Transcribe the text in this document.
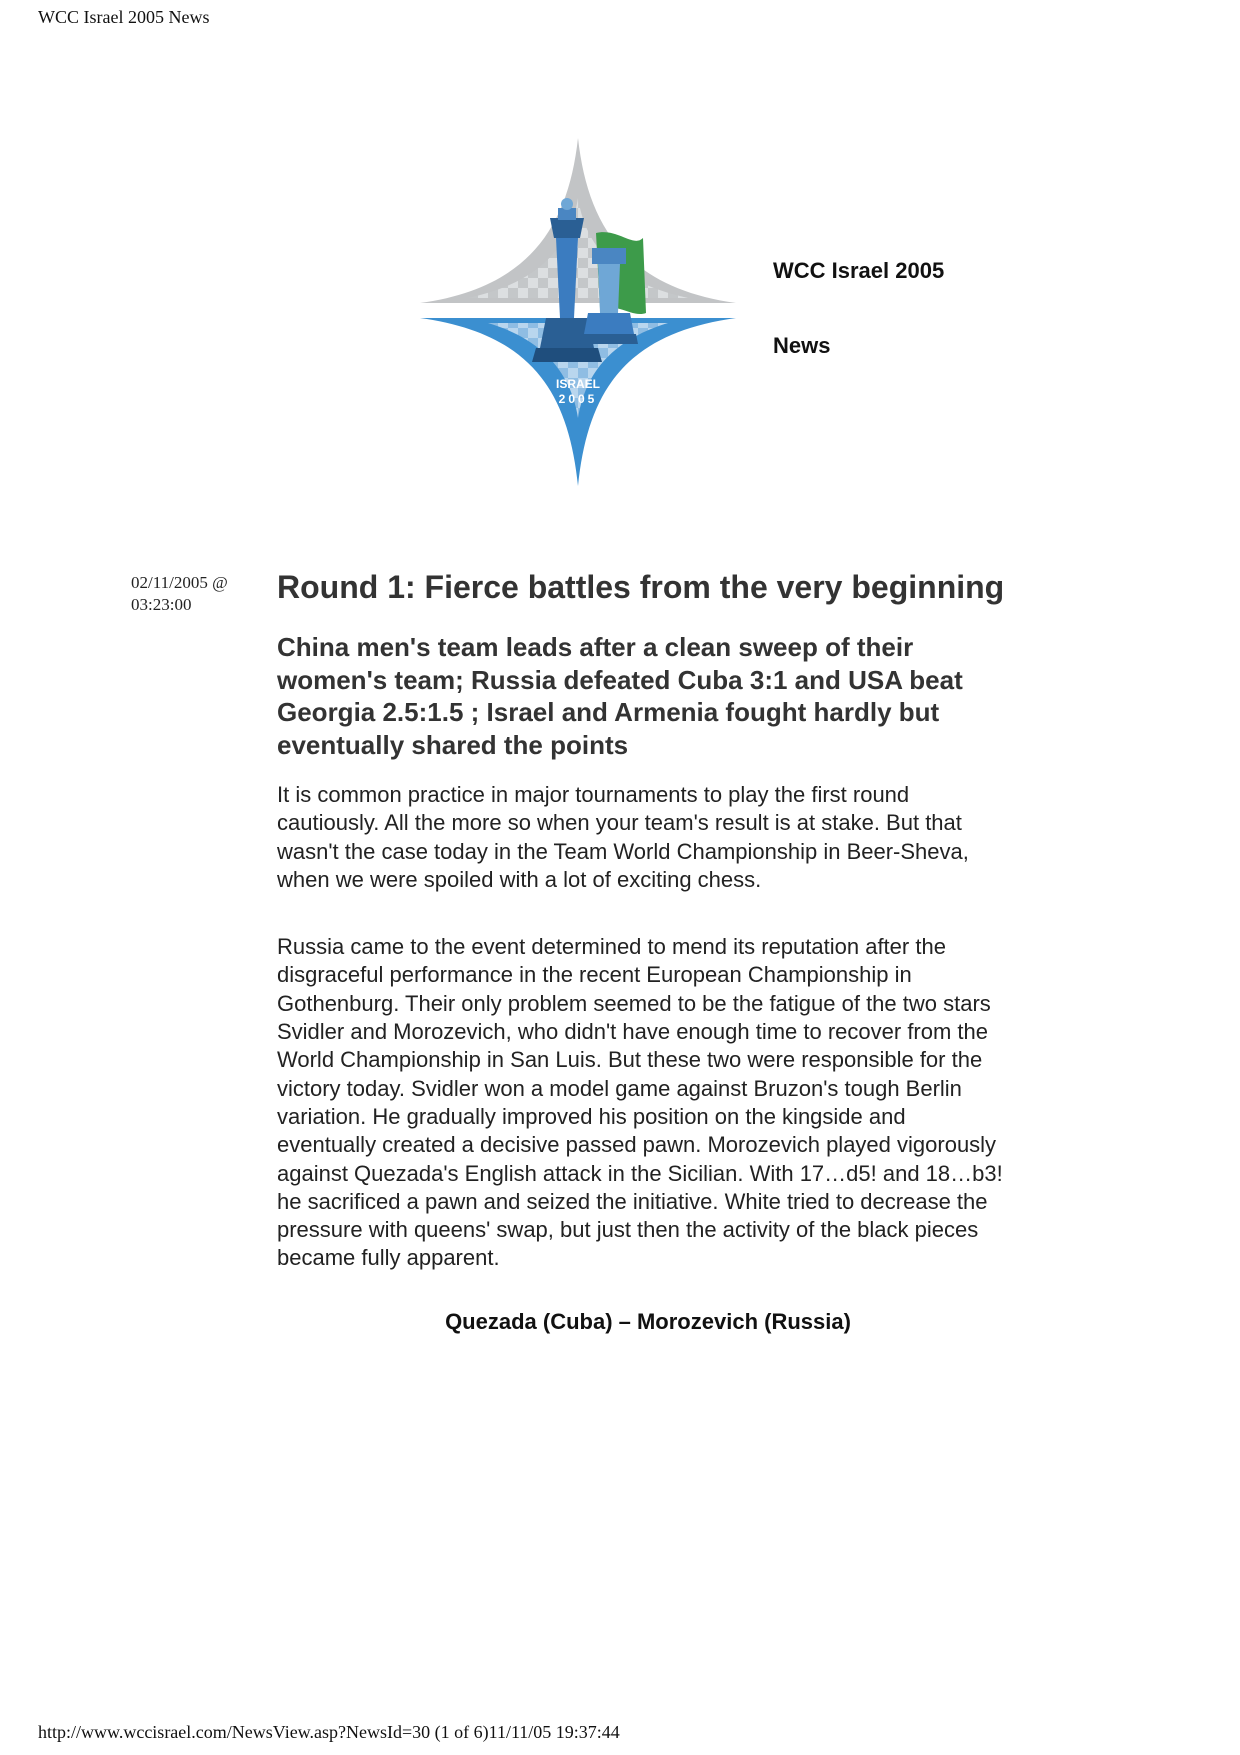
WCC Israel 2005 News
ISRAEL
2005
WCC Israel 2005
News
02/11/2005 @ 03:23:00	Round 1: Fierce battles from the very beginning
China men's team leads after a clean sweep of their women's team; Russia defeated Cuba 3:1 and USA beat Georgia 2.5:1.5 ; Israel and Armenia fought hardly but eventually shared the points

It is common practice in major tournaments to play the first round cautiously. All the more so when your team's result is at stake. But that wasn't the case today in the Team World Championship in Beer-Sheva, when we were spoiled with a lot of exciting chess.

Russia came to the event determined to mend its reputation after the disgraceful performance in the recent European Championship in Gothenburg. Their only problem seemed to be the fatigue of the two stars Svidler and Morozevich, who didn't have enough time to recover from the World Championship in San Luis. But these two were responsible for the victory today. Svidler won a model game against Bruzon's tough Berlin variation. He gradually improved his position on the kingside and eventually created a decisive passed pawn. Morozevich played vigorously against Quezada's English attack in the Sicilian. With 17…d5! and 18…b3! he sacrificed a pawn and seized the initiative. White tried to decrease the pressure with queens' swap, but just then the activity of the black pieces became fully apparent.

Quezada (Cuba) – Morozevich (Russia)
http://www.wccisrael.com/NewsView.asp?NewsId=30 (1 of 6)11/11/05 19:37:44
